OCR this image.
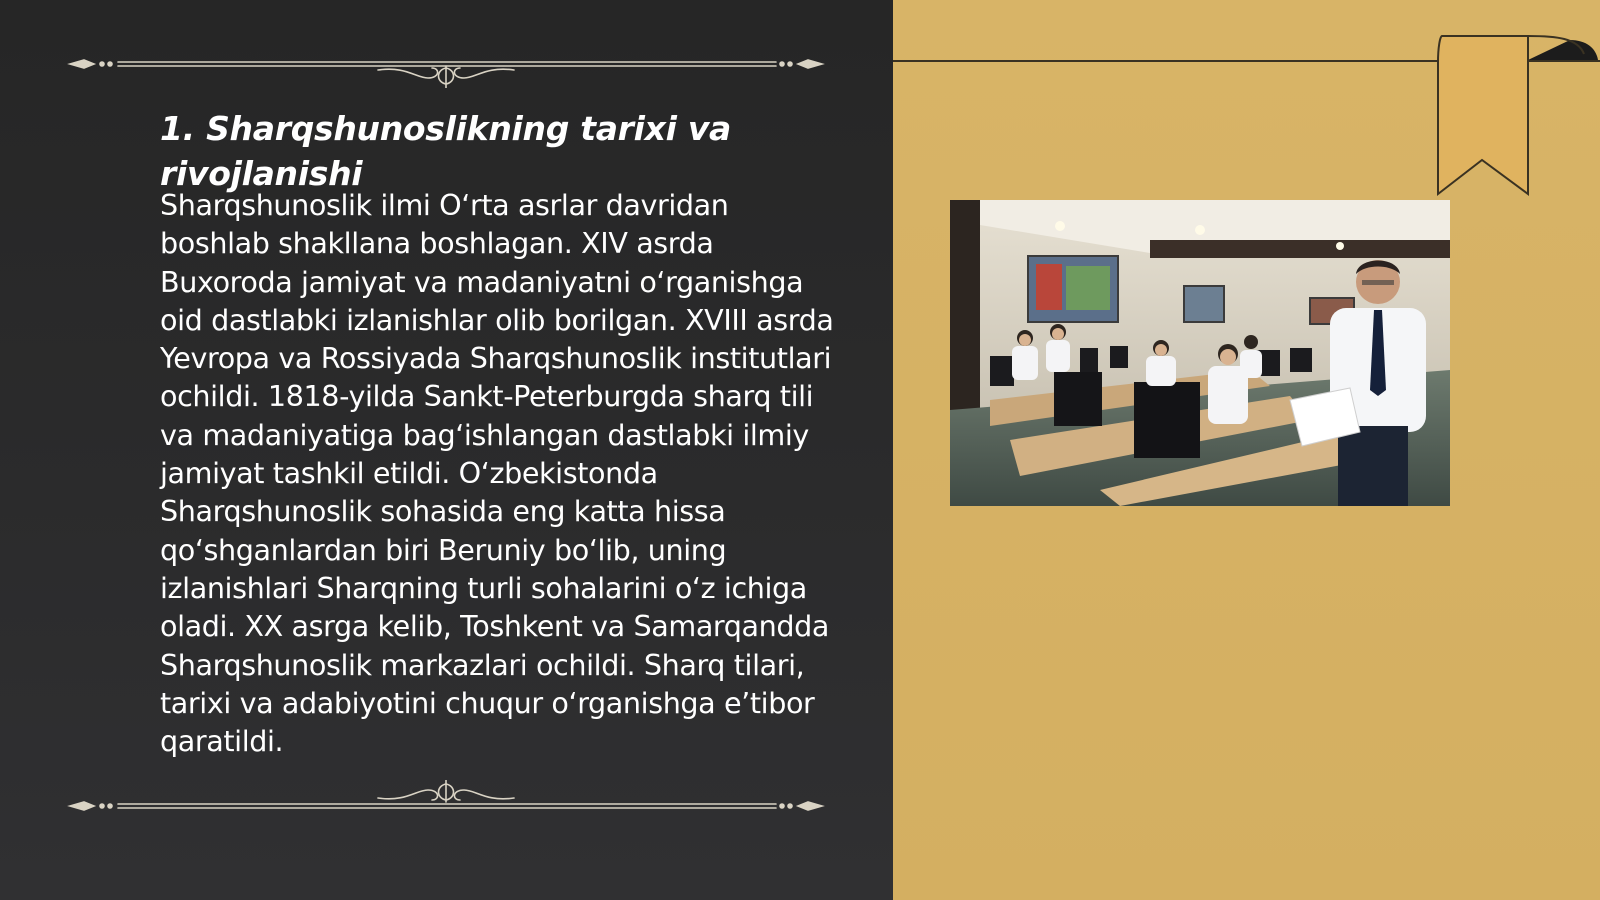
1. Sharqshunoslikning tarixi va rivojlanishi

Sharqshunoslik ilmi O‘rta asrlar davridan boshlab shakllana boshlagan. XIV asrda Buxoroda jamiyat va madaniyatni o‘rganishga oid dastlabki izlanishlar olib borilgan. XVIII asrda Yevropa va Rossiyada Sharqshunoslik institutlari ochildi. 1818-yilda Sankt-Peterburgda sharq tili va madaniyatiga bag‘ishlangan dastlabki ilmiy jamiyat tashkil etildi. O‘zbekistonda Sharqshunoslik sohasida eng katta hissa qo‘shganlardan biri Beruniy bo‘lib, uning izlanishlari Sharqning turli sohalarini o‘z ichiga oladi. XX asrga kelib, Toshkent va Samarqandda Sharqshunoslik markazlari ochildi. Sharq tilari, tarixi va adabiyotini chuqur o‘rganishga e’tibor qaratildi.
